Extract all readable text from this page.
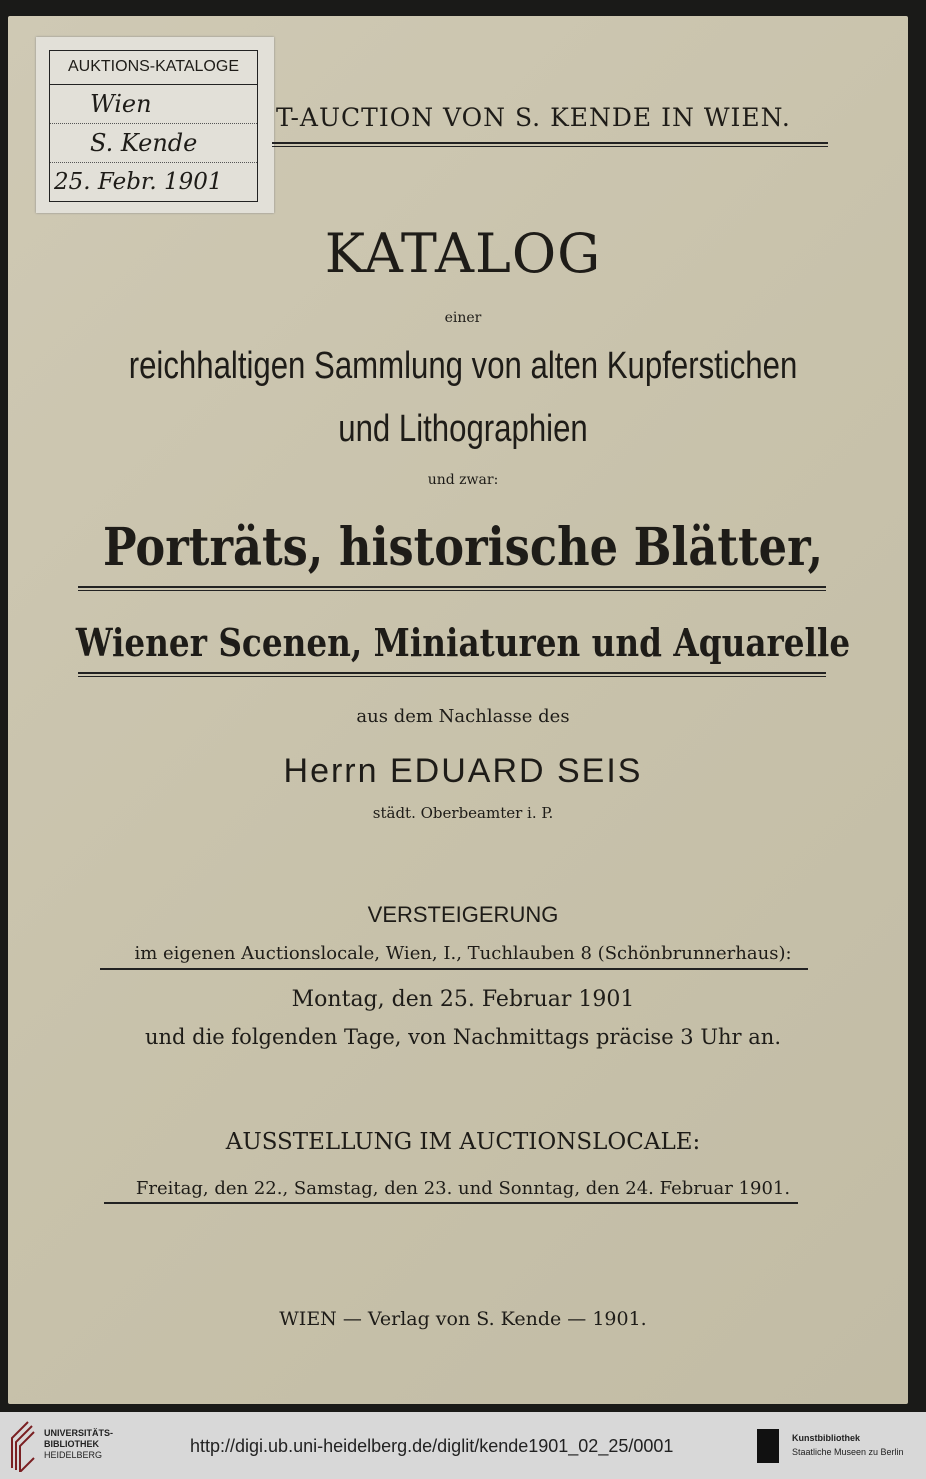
AUKTIONS-KATALOGE
Wien
S. Kende
25. Febr. 1901
T-AUCTION VON S. KENDE IN WIEN.
KATALOG
einer
reichhaltigen Sammlung von alten Kupferstichen
und Lithographien
und zwar:
Porträts, historische Blätter,
Wiener Scenen, Miniaturen und Aquarelle
aus dem Nachlasse des
Herrn EDUARD SEIS
städt. Oberbeamter i. P.
VERSTEIGERUNG
im eigenen Auctionslocale, Wien, I., Tuchlauben 8 (Schönbrunnerhaus):
Montag, den 25. Februar 1901
und die folgenden Tage, von Nachmittags präcise 3 Uhr an.
AUSSTELLUNG IM AUCTIONSLOCALE:
Freitag, den 22., Samstag, den 23. und Sonntag, den 24. Februar 1901.
WIEN — Verlag von S. Kende — 1901.
UNIVERSITÄTS-
BIBLIOTHEK
HEIDELBERG	http://digi.ub.uni-heidelberg.de/diglit/kende1901_02_25/0001	Kunstbibliothek
Staatliche Museen zu Berlin
